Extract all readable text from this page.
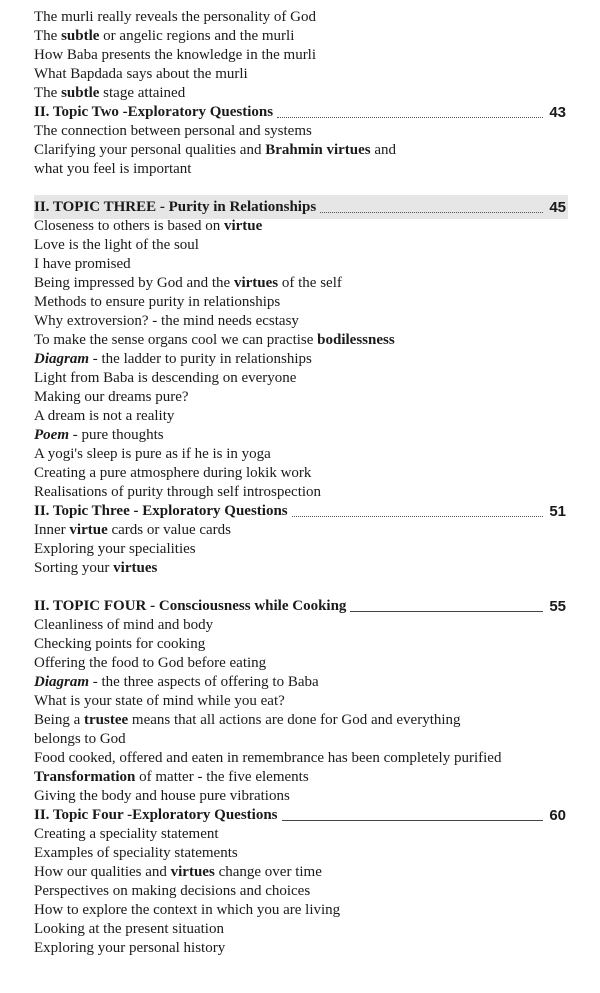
The murli really reveals the personality of God
The subtle or angelic regions and the murli
How Baba presents the knowledge in the murli
What Bapdada says about the murli
The subtle stage attained
II. Topic Two -Exploratory Questions	43
The connection between personal and systems
Clarifying your personal qualities and Brahmin virtues and
what you feel is important
II. TOPIC THREE - Purity in Relationships	45
Closeness to others is based on virtue
Love is the light of the soul
I have promised
Being impressed by God and the virtues of the self
Methods to ensure purity in relationships
Why extroversion? - the mind needs ecstasy
To make the sense organs cool we can practise bodilessness
Diagram - the ladder to purity in relationships
Light from Baba is descending on everyone
Making our dreams pure?
A dream is not a reality
Poem - pure thoughts
A yogi's sleep is pure as if he is in yoga
Creating a pure atmosphere during lokik work
Realisations of purity through self introspection
II. Topic Three - Exploratory Questions	51
Inner virtue cards or value cards
Exploring your specialities
Sorting your virtues
II. TOPIC FOUR - Consciousness while Cooking	55
Cleanliness of mind and body
Checking points for cooking
Offering the food to God before eating
Diagram - the three aspects of offering to Baba
What is your state of mind while you eat?
Being a trustee means that all actions are done for God and everything
belongs to God
Food cooked, offered and eaten in remembrance has been completely purified
Transformation of matter - the five elements
Giving the body and house pure vibrations
II. Topic Four -Exploratory Questions	60
Creating a speciality statement
Examples of speciality statements
How our qualities and virtues change over time
Perspectives on making decisions and choices
How to explore the context in which you are living
Looking at the present situation
Exploring your personal history
